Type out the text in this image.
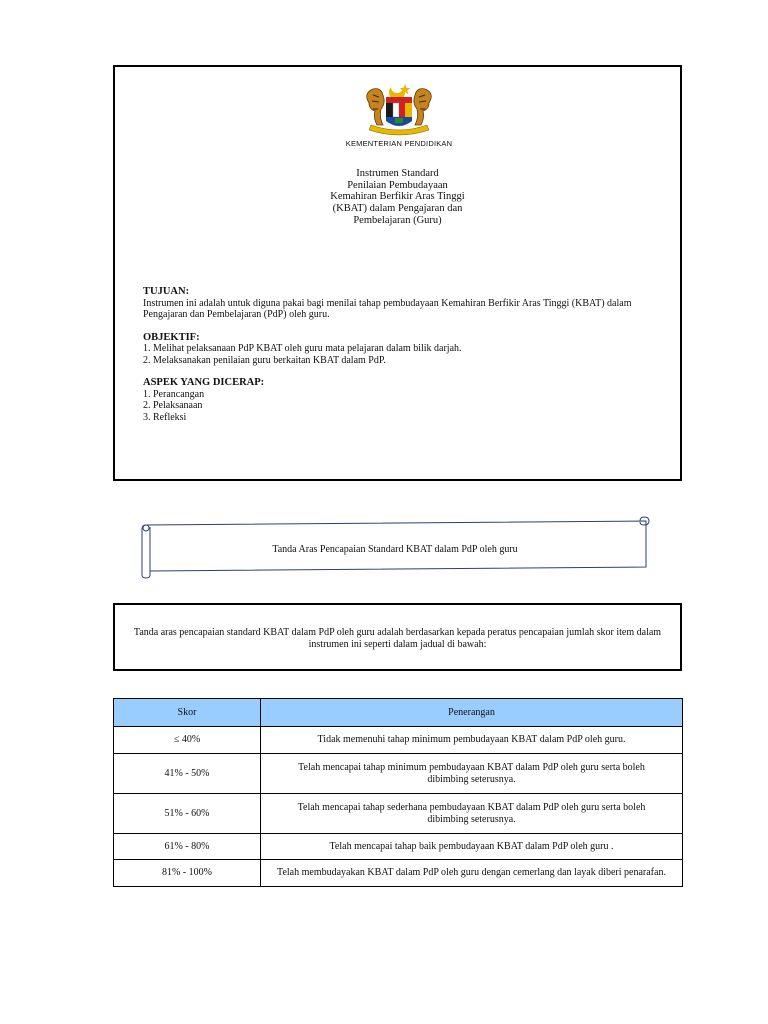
KEMENTERIAN PENDIDIKAN
Instrumen Standard
Penilaian Pembudayaan
Kemahiran Berfikir Aras Tinggi
(KBAT) dalam Pengajaran dan
Pembelajaran (Guru)
TUJUAN:
Instrumen ini adalah untuk diguna pakai bagi menilai tahap pembudayaan Kemahiran Berfikir Aras Tinggi (KBAT) dalam Pengajaran dan Pembelajaran (PdP) oleh guru.
OBJEKTIF:
1. Melihat pelaksanaan PdP KBAT oleh guru mata pelajaran dalam bilik darjah.
2. Melaksanakan penilaian guru berkaitan KBAT dalam PdP.
ASPEK YANG DICERAP:
1. Perancangan
2. Pelaksanaan
3. Refleksi
Tanda Aras Pencapaian Standard KBAT dalam PdP oleh guru
Tanda aras pencapaian standard KBAT dalam PdP oleh guru adalah berdasarkan kepada peratus pencapaian jumlah skor item dalam instrumen ini seperti dalam jadual di bawah:
Skor	Penerangan
≤ 40%	Tidak memenuhi tahap minimum pembudayaan KBAT dalam PdP oleh guru.
41% - 50%	Telah mencapai tahap minimum pembudayaan KBAT dalam PdP oleh guru serta boleh dibimbing seterusnya.
51% - 60%	Telah mencapai tahap sederhana pembudayaan KBAT dalam PdP oleh guru serta boleh dibimbing seterusnya.
61% - 80%	Telah mencapai tahap baik pembudayaan KBAT dalam PdP oleh guru .
81% - 100%	Telah membudayakan KBAT dalam PdP oleh guru dengan cemerlang dan layak diberi penarafan.
